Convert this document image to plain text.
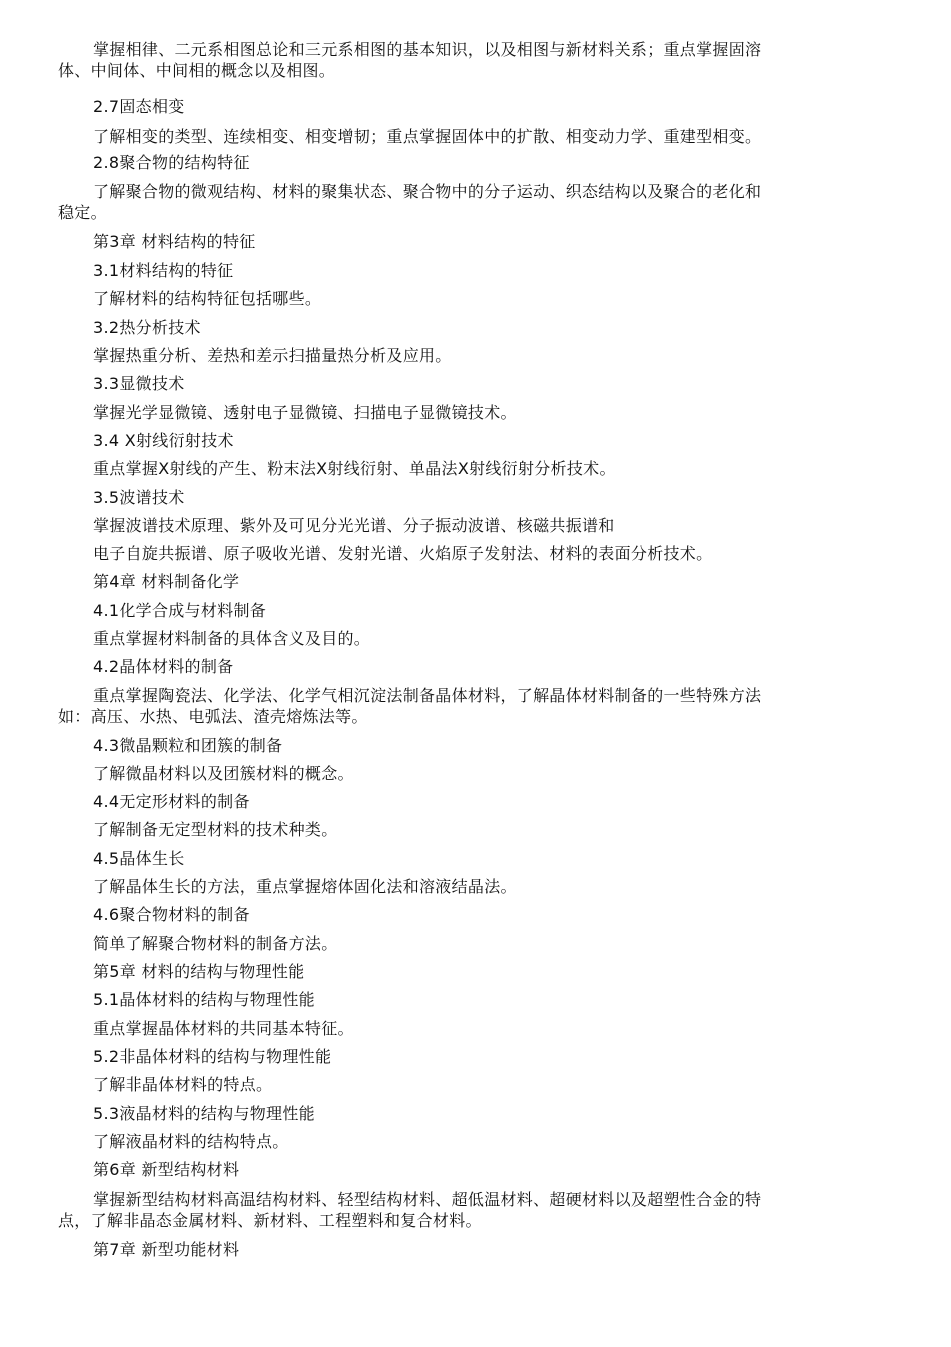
掌握相律、二元系相图总论和三元系相图的基本知识，以及相图与新材料关系；重点掌握固溶
体、中间体、中间相的概念以及相图。
2.7固态相变
了解相变的类型、连续相变、相变增韧；重点掌握固体中的扩散、相变动力学、重建型相变。
2.8聚合物的结构特征
了解聚合物的微观结构、材料的聚集状态、聚合物中的分子运动、织态结构以及聚合的老化和
稳定。
第3章 材料结构的特征
3.1材料结构的特征
了解材料的结构特征包括哪些。
3.2热分析技术
掌握热重分析、差热和差示扫描量热分析及应用。
3.3显微技术
掌握光学显微镜、透射电子显微镜、扫描电子显微镜技术。
3.4 X射线衍射技术
重点掌握X射线的产生、粉末法X射线衍射、单晶法X射线衍射分析技术。
3.5波谱技术
掌握波谱技术原理、紫外及可见分光光谱、分子振动波谱、核磁共振谱和
电子自旋共振谱、原子吸收光谱、发射光谱、火焰原子发射法、材料的表面分析技术。
第4章 材料制备化学
4.1化学合成与材料制备
重点掌握材料制备的具体含义及目的。
4.2晶体材料的制备
重点掌握陶瓷法、化学法、化学气相沉淀法制备晶体材料，了解晶体材料制备的一些特殊方法
如：高压、水热、电弧法、渣壳熔炼法等。
4.3微晶颗粒和团簇的制备
了解微晶材料以及团簇材料的概念。
4.4无定形材料的制备
了解制备无定型材料的技术种类。
4.5晶体生长
了解晶体生长的方法，重点掌握熔体固化法和溶液结晶法。
4.6聚合物材料的制备
简单了解聚合物材料的制备方法。
第5章 材料的结构与物理性能
5.1晶体材料的结构与物理性能
重点掌握晶体材料的共同基本特征。
5.2非晶体材料的结构与物理性能
了解非晶体材料的特点。
5.3液晶材料的结构与物理性能
了解液晶材料的结构特点。
第6章 新型结构材料
掌握新型结构材料高温结构材料、轻型结构材料、超低温材料、超硬材料以及超塑性合金的特
点，了解非晶态金属材料、新材料、工程塑料和复合材料。
第7章 新型功能材料
